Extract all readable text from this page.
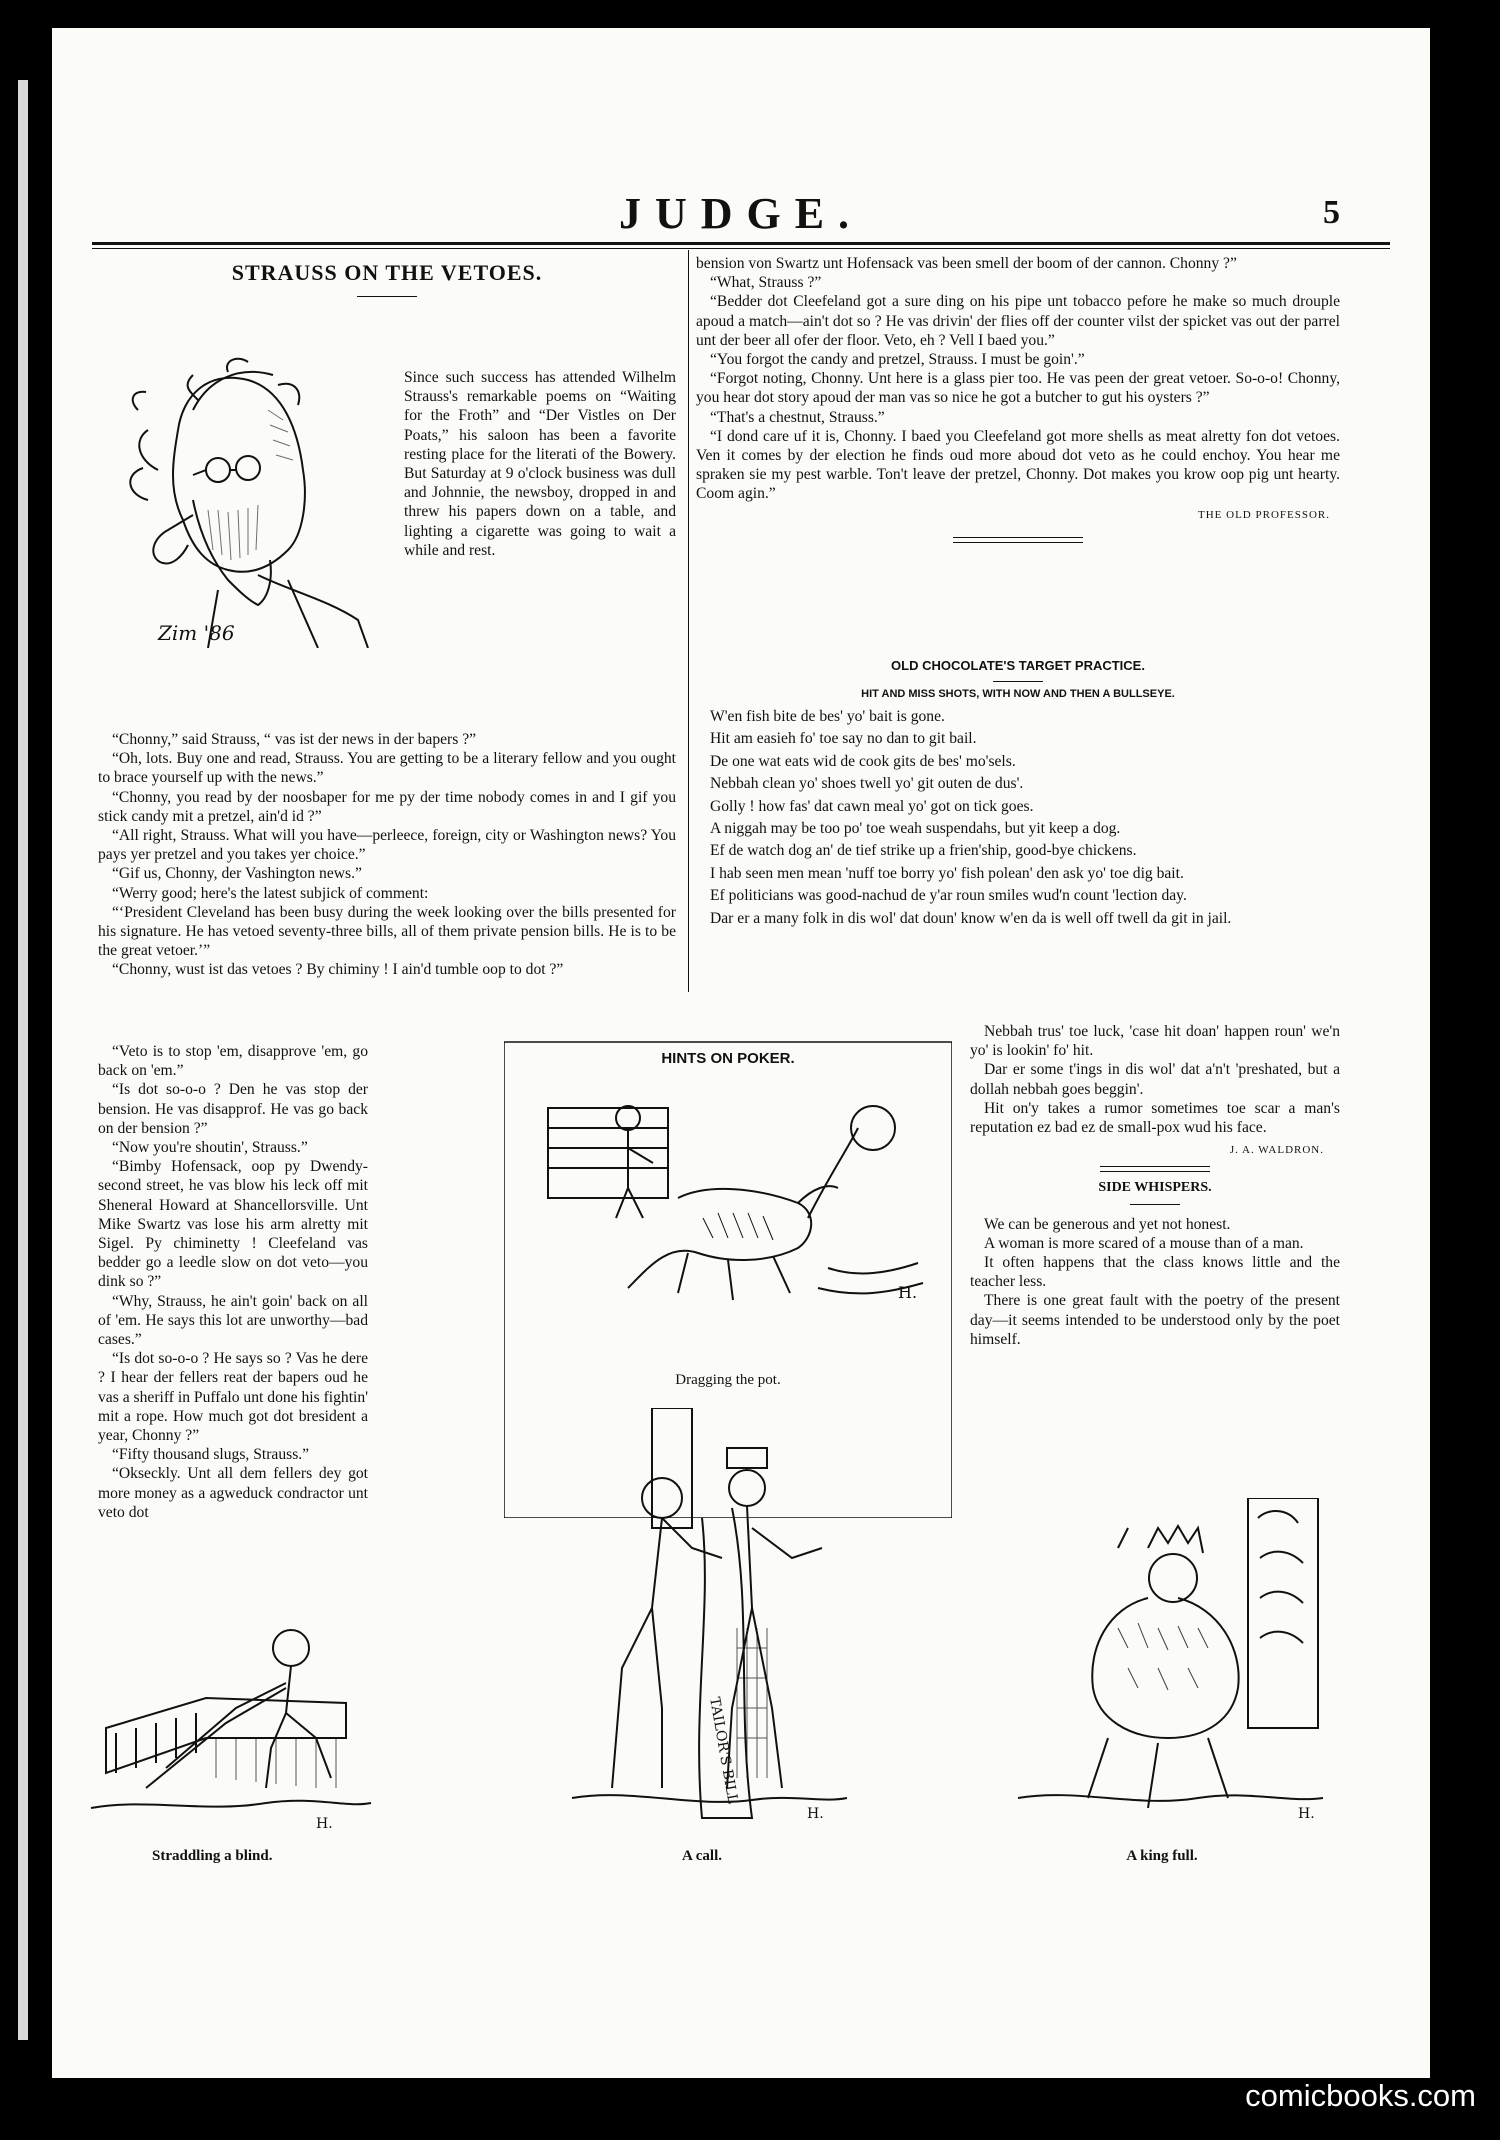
JUDGE.	5
STRAUSS ON THE VETOES.
Zim '86

Since such success has attended Wilhelm Strauss's remarkable poems on “Waiting for the Froth” and “Der Vistles on Der Poats,” his saloon has been a favorite resting place for the literati of the Bowery. But Saturday at 9 o'clock business was dull and Johnnie, the newsboy, dropped in and threw his papers down on a table, and lighting a cigarette was going to wait a while and rest.

“Chonny,” said Strauss, “ vas ist der news in der bapers ?”

“Oh, lots. Buy one and read, Strauss. You are getting to be a literary fellow and you ought to brace yourself up with the news.”

“Chonny, you read by der noosbaper for me py der time nobody comes in and I gif you stick candy mit a pretzel, ain'd id ?”

“All right, Strauss. What will you have—perleece, foreign, city or Washington news? You pays yer pretzel and you takes yer choice.”

“Gif us, Chonny, der Vashington news.”

“Werry good; here's the latest subjick of comment:

“‘President Cleveland has been busy during the week looking over the bills presented for his signature. He has vetoed seventy-three bills, all of them private pension bills. He is to be the great vetoer.’”

“Chonny, wust ist das vetoes ? By chiminy ! I ain'd tumble oop to dot ?”

“Veto is to stop 'em, disapprove 'em, go back on 'em.”

“Is dot so-o-o ? Den he vas stop der bension. He vas disapprof. He vas go back on der bension ?”

“Now you're shoutin', Strauss.”

“Bimby Hofensack, oop py Dwendy-second street, he vas blow his leck off mit Sheneral Howard at Shancellorsville. Unt Mike Swartz vas lose his arm alretty mit Sigel. Py chiminetty ! Cleefeland vas bedder go a leedle slow on dot veto—you dink so ?”

“Why, Strauss, he ain't goin' back on all of 'em. He says this lot are unworthy—bad cases.”

“Is dot so-o-o ? He says so ? Vas he dere ? I hear der fellers reat der bapers oud he vas a sheriff in Puffalo unt done his fightin' mit a rope. How much got dot bresident a year, Chonny ?”

“Fifty thousand slugs, Strauss.”

“Okseckly. Unt all dem fellers dey got more money as a agweduck condractor unt veto dot

bension von Swartz unt Hofensack vas been smell der boom of der cannon. Chonny ?”

“What, Strauss ?”

“Bedder dot Cleefeland got a sure ding on his pipe unt tobacco pefore he make so much drouple apoud a match—ain't dot so ? He vas drivin' der flies off der counter vilst der spicket vas out der parrel unt der beer all ofer der floor. Veto, eh ? Vell I baed you.”

“You forgot the candy and pretzel, Strauss. I must be goin'.”

“Forgot noting, Chonny. Unt here is a glass pier too. He vas peen der great vetoer. So-o-o! Chonny, you hear dot story apoud der man vas so nice he got a butcher to gut his oysters ?”

“That's a chestnut, Strauss.”

“I dond care uf it is, Chonny. I baed you Cleefeland got more shells as meat alretty fon dot vetoes. Ven it comes by der election he finds oud more aboud dot veto as he could enchoy. You hear me spraken sie my pest warble. Ton't leave der pretzel, Chonny. Dot makes you krow oop pig unt hearty. Coom agin.”

THE OLD PROFESSOR.
OLD CHOCOLATE'S TARGET PRACTICE.
HIT AND MISS SHOTS, WITH NOW AND THEN A BULLSEYE.

W'en fish bite de bes' yo' bait is gone.

Hit am easieh fo' toe say no dan to git bail.

De one wat eats wid de cook gits de bes' mo'sels.

Nebbah clean yo' shoes twell yo' git outen de dus'.

Golly ! how fas' dat cawn meal yo' got on tick goes.

A niggah may be too po' toe weah suspendahs, but yit keep a dog.

Ef de watch dog an' de tief strike up a frien'ship, good-bye chickens.

I hab seen men mean 'nuff toe borry yo' fish polean' den ask yo' toe dig bait.

Ef politicians was good-nachud de y'ar roun smiles wud'n count 'lection day.

Dar er a many folk in dis wol' dat doun' know w'en da is well off twell da git in jail.

Nebbah trus' toe luck, 'case hit doan' happen roun' we'n yo' is lookin' fo' hit.

Dar er some t'ings in dis wol' dat a'n't 'preshated, but a dollah nebbah goes beggin'.

Hit on'y takes a rumor sometimes toe scar a man's reputation ez bad ez de small-pox wud his face.

J. A. WALDRON.
SIDE WHISPERS.

We can be generous and yet not honest.

A woman is more scared of a mouse than of a man.

It often happens that the class knows little and the teacher less.

There is one great fault with the poetry of the present day—it seems intended to be understood only by the poet himself.

HINTS ON POKER.
H.
Dragging the pot.
H.
Straddling a blind.
TAILOR'S BILL
H.
A call.
H.
A king full.
comicbooks.com
